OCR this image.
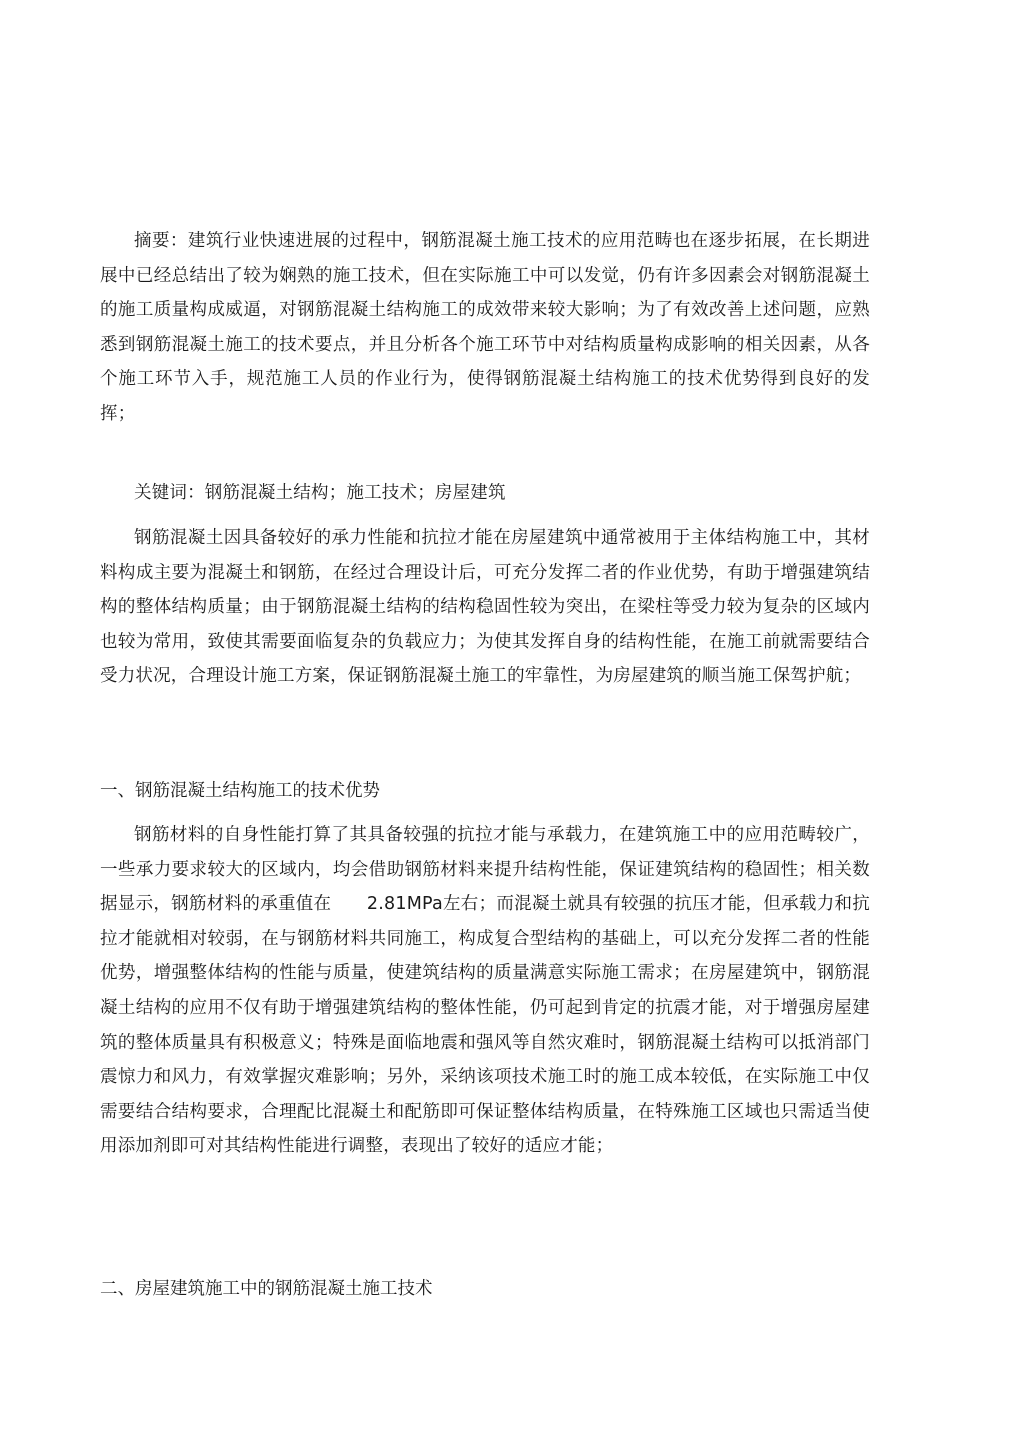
摘要：建筑行业快速进展的过程中，钢筋混凝土施工技术的应用范畴也在逐步拓展，在长期进展中已经总结出了较为娴熟的施工技术，但在实际施工中可以发觉，仍有许多因素会对钢筋混凝土的施工质量构成威逼，对钢筋混凝土结构施工的成效带来较大影响；为了有效改善上述问题，应熟悉到钢筋混凝土施工的技术要点，并且分析各个施工环节中对结构质量构成影响的相关因素，从各个施工环节入手，规范施工人员的作业行为，使得钢筋混凝土结构施工的技术优势得到良好的发挥；

关键词：钢筋混凝土结构；施工技术；房屋建筑

钢筋混凝土因具备较好的承力性能和抗拉才能在房屋建筑中通常被用于主体结构施工中，其材料构成主要为混凝土和钢筋，在经过合理设计后，可充分发挥二者的作业优势，有助于增强建筑结构的整体结构质量；由于钢筋混凝土结构的结构稳固性较为突出，在梁柱等受力较为复杂的区域内也较为常用，致使其需要面临复杂的负载应力；为使其发挥自身的结构性能，在施工前就需要结合受力状况，合理设计施工方案，保证钢筋混凝土施工的牢靠性，为房屋建筑的顺当施工保驾护航；

一、钢筋混凝土结构施工的技术优势

钢筋材料的自身性能打算了其具备较强的抗拉才能与承载力，在建筑施工中的应用范畴较广，一些承力要求较大的区域内，均会借助钢筋材料来提升结构性能，保证建筑结构的稳固性；相关数据显示，钢筋材料的承重值在　　2.81MPa左右；而混凝土就具有较强的抗压才能，但承载力和抗拉才能就相对较弱，在与钢筋材料共同施工，构成复合型结构的基础上，可以充分发挥二者的性能优势，增强整体结构的性能与质量，使建筑结构的质量满意实际施工需求；在房屋建筑中，钢筋混凝土结构的应用不仅有助于增强建筑结构的整体性能，仍可起到肯定的抗震才能，对于增强房屋建筑的整体质量具有积极意义；特殊是面临地震和强风等自然灾难时，钢筋混凝土结构可以抵消部门震惊力和风力，有效掌握灾难影响；另外，采纳该项技术施工时的施工成本较低，在实际施工中仅需要结合结构要求，合理配比混凝土和配筋即可保证整体结构质量，在特殊施工区域也只需适当使用添加剂即可对其结构性能进行调整，表现出了较好的适应才能；

二、房屋建筑施工中的钢筋混凝土施工技术
